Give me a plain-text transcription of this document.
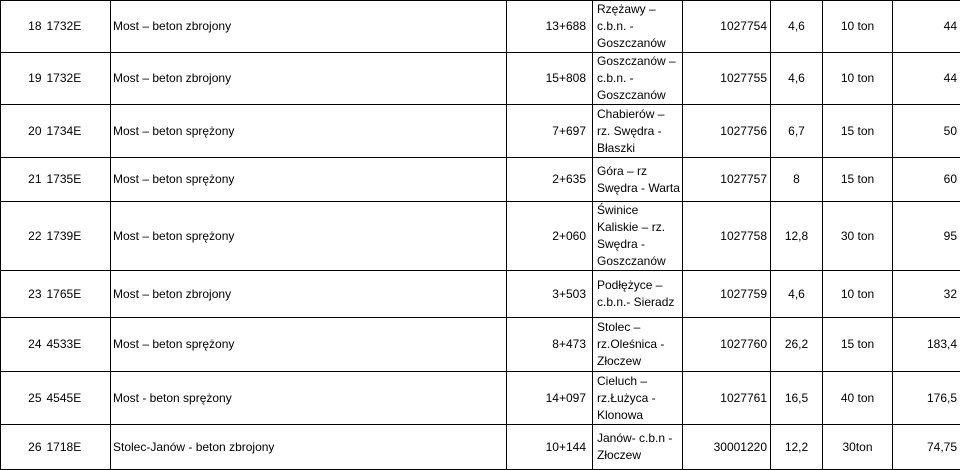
18	1732E	Most – beton zbrojony	13+688	Rzężawy – c.b.n. - Goszczanów	1027754	4,6	10 ton	44
19	1732E	Most – beton zbrojony	15+808	Goszczanów – c.b.n. - Goszczanów	1027755	4,6	10 ton	44
20	1734E	Most – beton sprężony	7+697	Chabierów – rz. Swędra - Błaszki	1027756	6,7	15 ton	50
21	1735E	Most – beton sprężony	2+635	Góra – rz Swędra - Warta	1027757	8	15 ton	60
22	1739E	Most – beton sprężony	2+060	Świnice Kaliskie – rz. Swędra - Goszczanów	1027758	12,8	30 ton	95
23	1765E	Most – beton zbrojony	3+503	Podłężyce – c.b.n.- Sieradz	1027759	4,6	10 ton	32
24	4533E	Most – beton sprężony	8+473	Stolec – rz.Oleśnica - Złoczew	1027760	26,2	15 ton	183,4
25	4545E	Most - beton sprężony	14+097	Cieluch – rz.Łużyca - Klonowa	1027761	16,5	40 ton	176,5
26	1718E	Stolec-Janów - beton zbrojony	10+144	Janów- c.b.n - Złoczew	30001220	12,2	30ton	74,75
